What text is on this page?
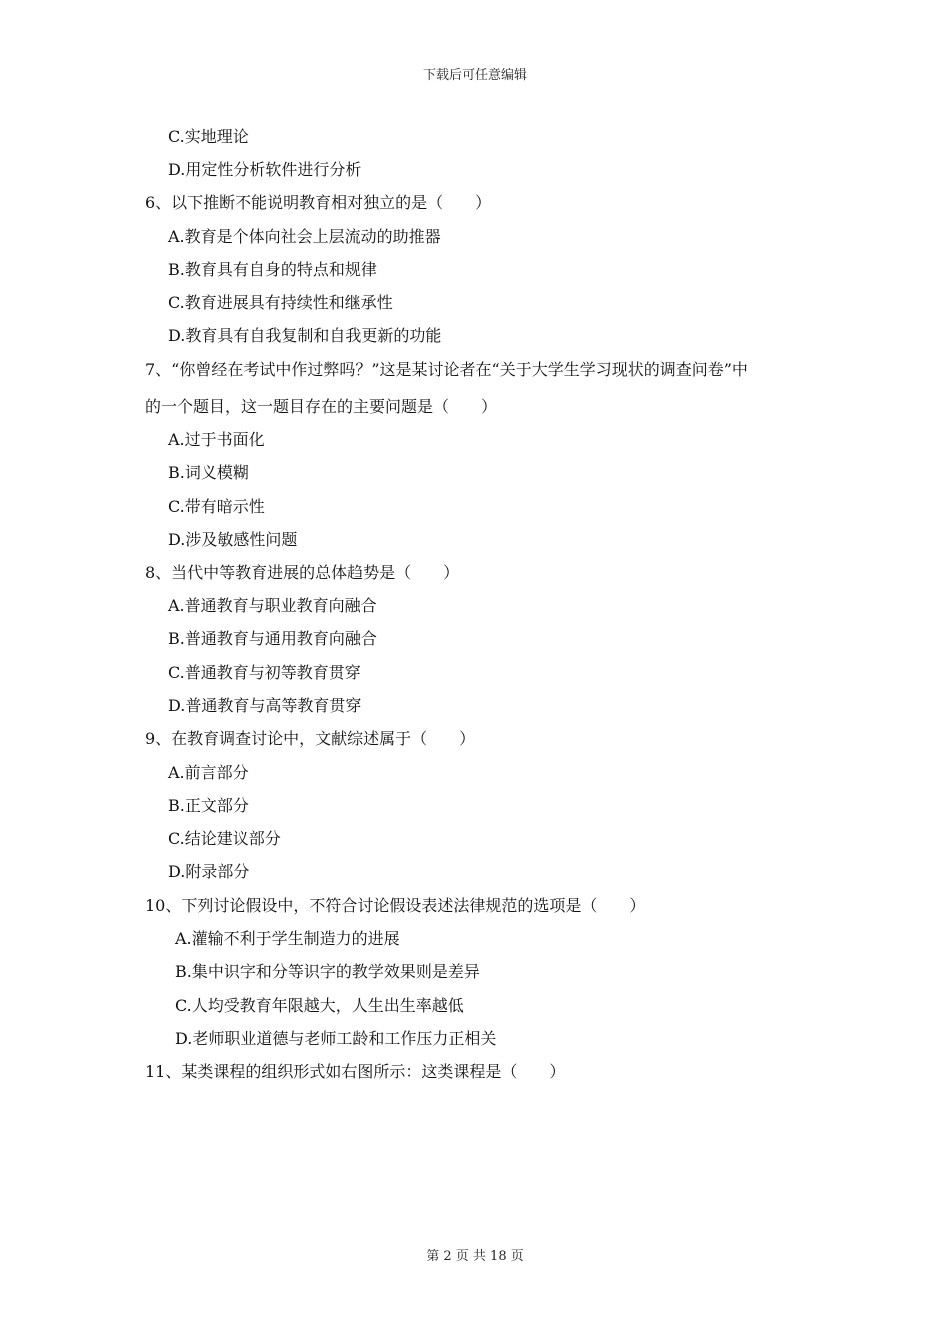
下载后可任意编辑
C.实地理论
D.用定性分析软件进行分析
6、以下推断不能说明教育相对独立的是（　　）
A.教育是个体向社会上层流动的助推器
B.教育具有自身的特点和规律
C.教育进展具有持续性和继承性
D.教育具有自我复制和自我更新的功能
7、“你曾经在考试中作过弊吗？”这是某讨论者在“关于大学生学习现状的调查问卷”中
的一个题目，这一题目存在的主要问题是（　　）
A.过于书面化
B.词义模糊
C.带有暗示性
D.涉及敏感性问题
8、当代中等教育进展的总体趋势是（　　）
A.普通教育与职业教育向融合
B.普通教育与通用教育向融合
C.普通教育与初等教育贯穿
D.普通教育与高等教育贯穿
9、在教育调查讨论中，文献综述属于（　　）
A.前言部分
B.正文部分
C.结论建议部分
D.附录部分
10、下列讨论假设中，不符合讨论假设表述法律规范的选项是（　　）
A.灌输不利于学生制造力的进展
B.集中识字和分等识字的教学效果则是差异
C.人均受教育年限越大，人生出生率越低
D.老师职业道德与老师工龄和工作压力正相关
11、某类课程的组织形式如右图所示：这类课程是（　　）
第 2 页 共 18 页
